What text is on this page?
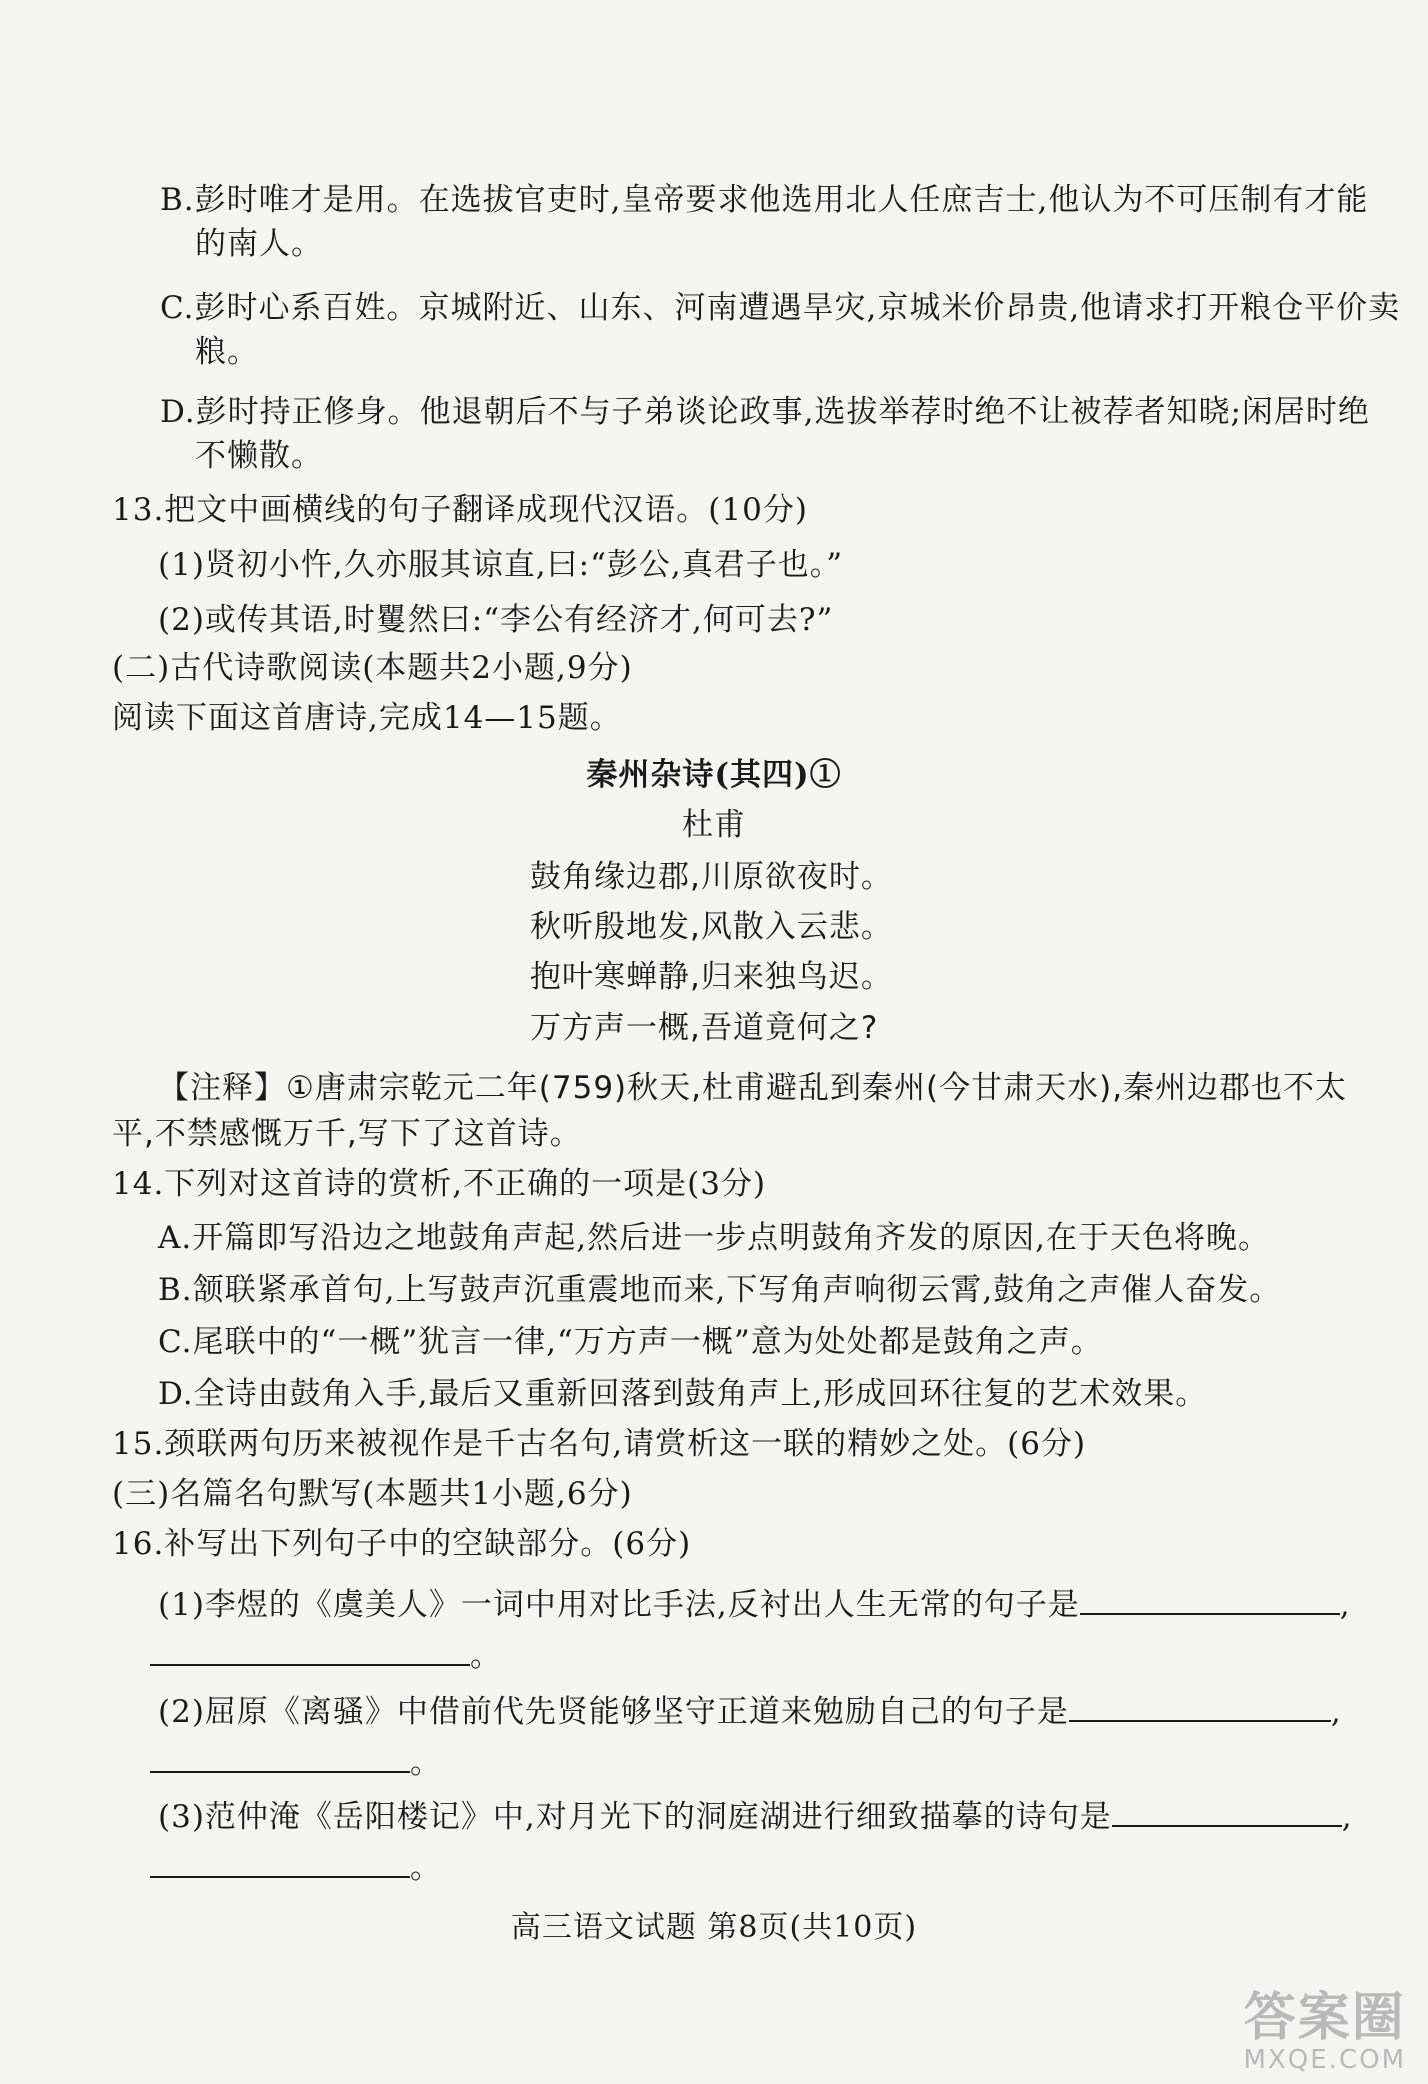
B.彭时唯才是用。在选拔官吏时,皇帝要求他选用北人任庶吉士,他认为不可压制有才能
的南人。
C.彭时心系百姓。京城附近、山东、河南遭遇旱灾,京城米价昂贵,他请求打开粮仓平价卖
粮。
D.彭时持正修身。他退朝后不与子弟谈论政事,选拔举荐时绝不让被荐者知晓;闲居时绝
不懒散。
13.把文中画横线的句子翻译成现代汉语。(10分)
(1)贤初小忤,久亦服其谅直,曰:“彭公,真君子也。”
(2)或传其语,时矍然曰:“李公有经济才,何可去?”
(二)古代诗歌阅读(本题共2小题,9分)
阅读下面这首唐诗,完成14—15题。
秦州杂诗(其四)①
杜甫
鼓角缘边郡,川原欲夜时。
秋听殷地发,风散入云悲。
抱叶寒蝉静,归来独鸟迟。
万方声一概,吾道竟何之?
【注释】①唐肃宗乾元二年(759)秋天,杜甫避乱到秦州(今甘肃天水),秦州边郡也不太
平,不禁感慨万千,写下了这首诗。
14.下列对这首诗的赏析,不正确的一项是(3分)
A.开篇即写沿边之地鼓角声起,然后进一步点明鼓角齐发的原因,在于天色将晚。
B.颔联紧承首句,上写鼓声沉重震地而来,下写角声响彻云霄,鼓角之声催人奋发。
C.尾联中的“一概”犹言一律,“万方声一概”意为处处都是鼓角之声。
D.全诗由鼓角入手,最后又重新回落到鼓角声上,形成回环往复的艺术效果。
15.颈联两句历来被视作是千古名句,请赏析这一联的精妙之处。(6分)
(三)名篇名句默写(本题共1小题,6分)
16.补写出下列句子中的空缺部分。(6分)
(1)李煜的《虞美人》一词中用对比手法,反衬出人生无常的句子是	,
。
(2)屈原《离骚》中借前代先贤能够坚守正道来勉励自己的句子是	,
。
(3)范仲淹《岳阳楼记》中,对月光下的洞庭湖进行细致描摹的诗句是	,
。
高三语文试题 第8页(共10页)
答案圈
MXQE.COM
